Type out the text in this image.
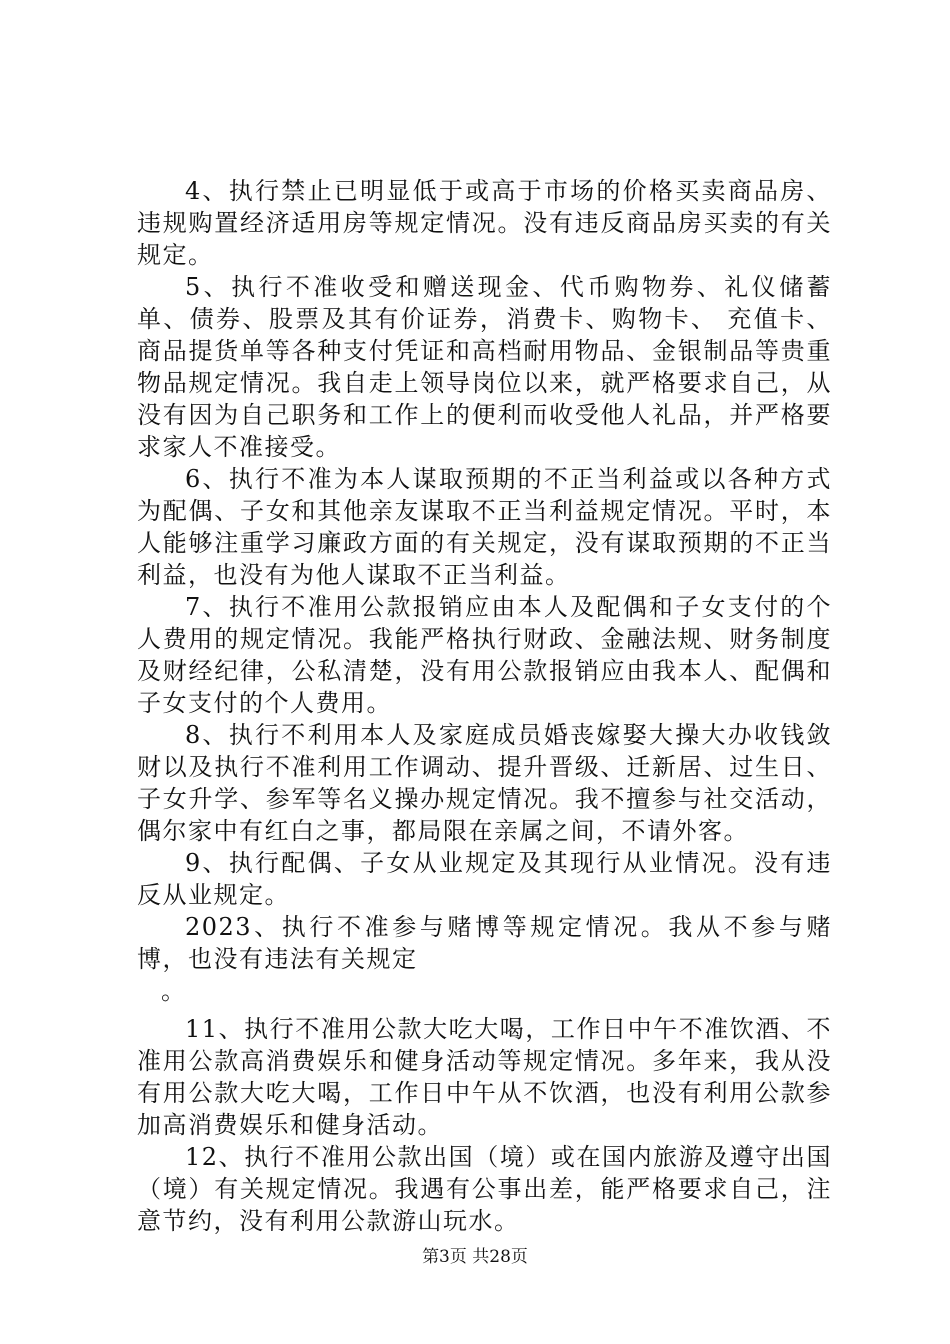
4、执行禁止已明显低于或高于市场的价格买卖商品房、违规购置经济适用房等规定情况。没有违反商品房买卖的有关规定。

5、执行不准收受和赠送现金、代币购物券、礼仪储蓄单、债券、股票及其有价证券，消费卡、购物卡、 充值卡、商品提货单等各种支付凭证和高档耐用物品、金银制品等贵重物品规定情况。我自走上领导岗位以来，就严格要求自己，从没有因为自己职务和工作上的便利而收受他人礼品，并严格要求家人不准接受。

6、执行不准为本人谋取预期的不正当利益或以各种方式为配偶、子女和其他亲友谋取不正当利益规定情况。平时，本人能够注重学习廉政方面的有关规定，没有谋取预期的不正当利益，也没有为他人谋取不正当利益。

7、执行不准用公款报销应由本人及配偶和子女支付的个人费用的规定情况。我能严格执行财政、金融法规、财务制度及财经纪律，公私清楚，没有用公款报销应由我本人、配偶和子女支付的个人费用。

8、执行不利用本人及家庭成员婚丧嫁娶大操大办收钱敛财以及执行不准利用工作调动、提升晋级、迁新居、过生日、子女升学、参军等名义操办规定情况。我不擅参与社交活动，偶尔家中有红白之事，都局限在亲属之间，不请外客。

9、执行配偶、子女从业规定及其现行从业情况。没有违反从业规定。

2023、执行不准参与赌博等规定情况。我从不参与赌博，也没有违法有关规定

。

11、执行不准用公款大吃大喝，工作日中午不准饮酒、不准用公款高消费娱乐和健身活动等规定情况。多年来，我从没有用公款大吃大喝，工作日中午从不饮酒，也没有利用公款参加高消费娱乐和健身活动。

12、执行不准用公款出国（境）或在国内旅游及遵守出国（境）有关规定情况。我遇有公事出差，能严格要求自己，注意节约，没有利用公款游山玩水。

第3页 共28页
